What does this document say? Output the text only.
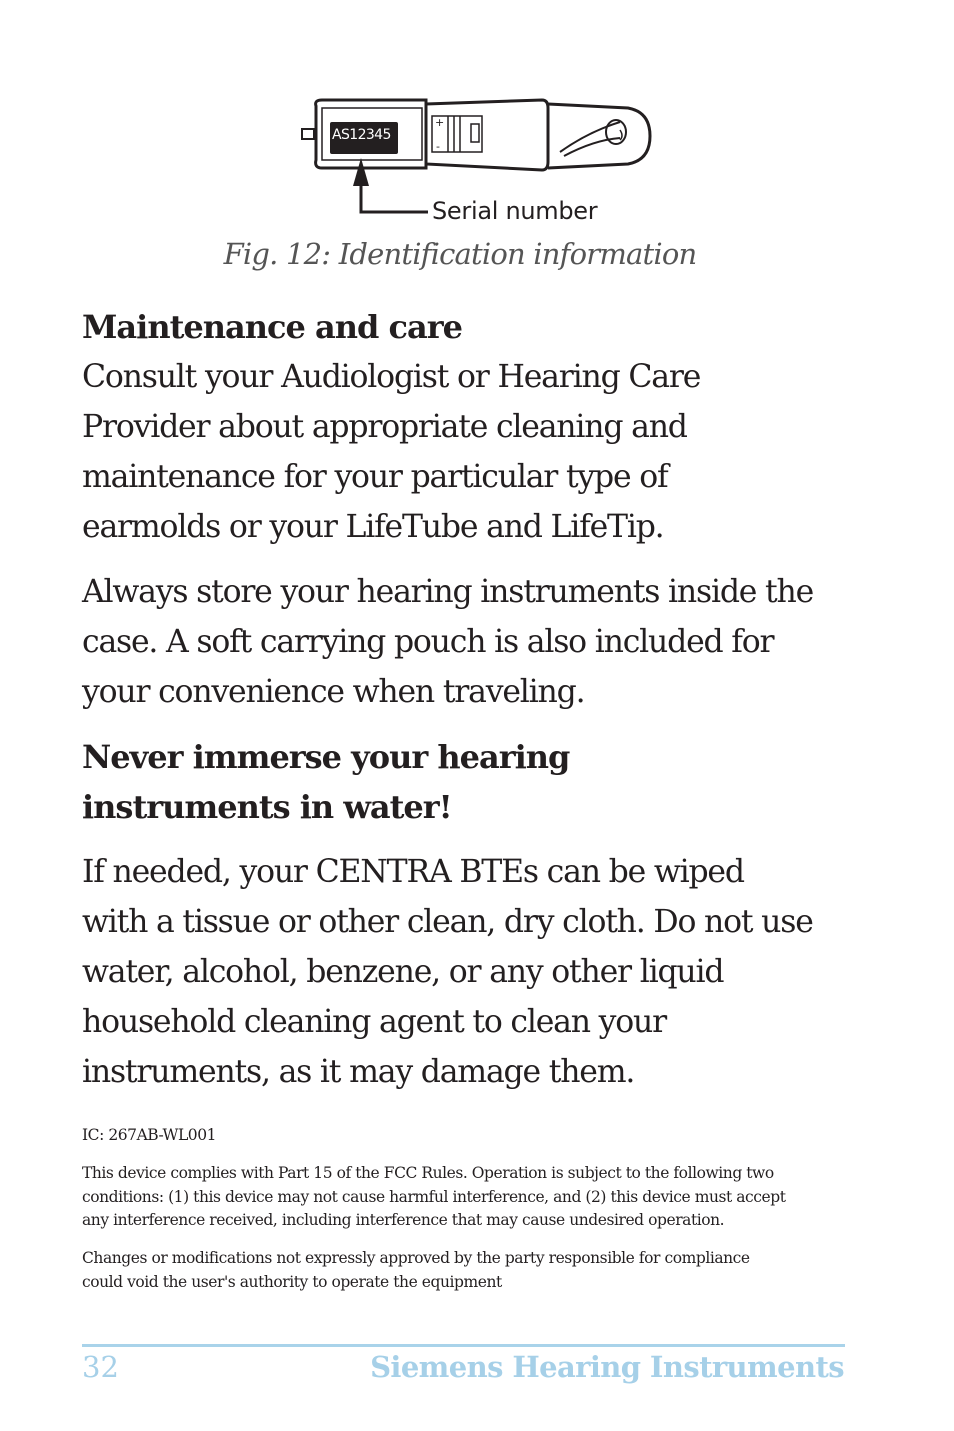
+
-
AS12345
Serial number
Fig. 12: Identification information
Maintenance and care
Consult your Audiologist or Hearing Care
Provider about appropriate cleaning and
maintenance for your particular type of
earmolds or your LifeTube and LifeTip.
Always store your hearing instruments inside the
case. A soft carrying pouch is also included for
your convenience when traveling.
Never immerse your hearing
instruments in water!
If needed, your CENTRA BTEs can be wiped
with a tissue or other clean, dry cloth. Do not use
water, alcohol, benzene, or any other liquid
household cleaning agent to clean your
instruments, as it may damage them.
IC: 267AB-WL001
This device complies with Part 15 of the FCC Rules. Operation is subject to the following two
conditions: (1) this device may not cause harmful interference, and (2) this device must accept
any interference received, including interference that may cause undesired operation.
Changes or modifications not expressly approved by the party responsible for compliance
could void the user's authority to operate the equipment
32	Siemens Hearing Instruments
